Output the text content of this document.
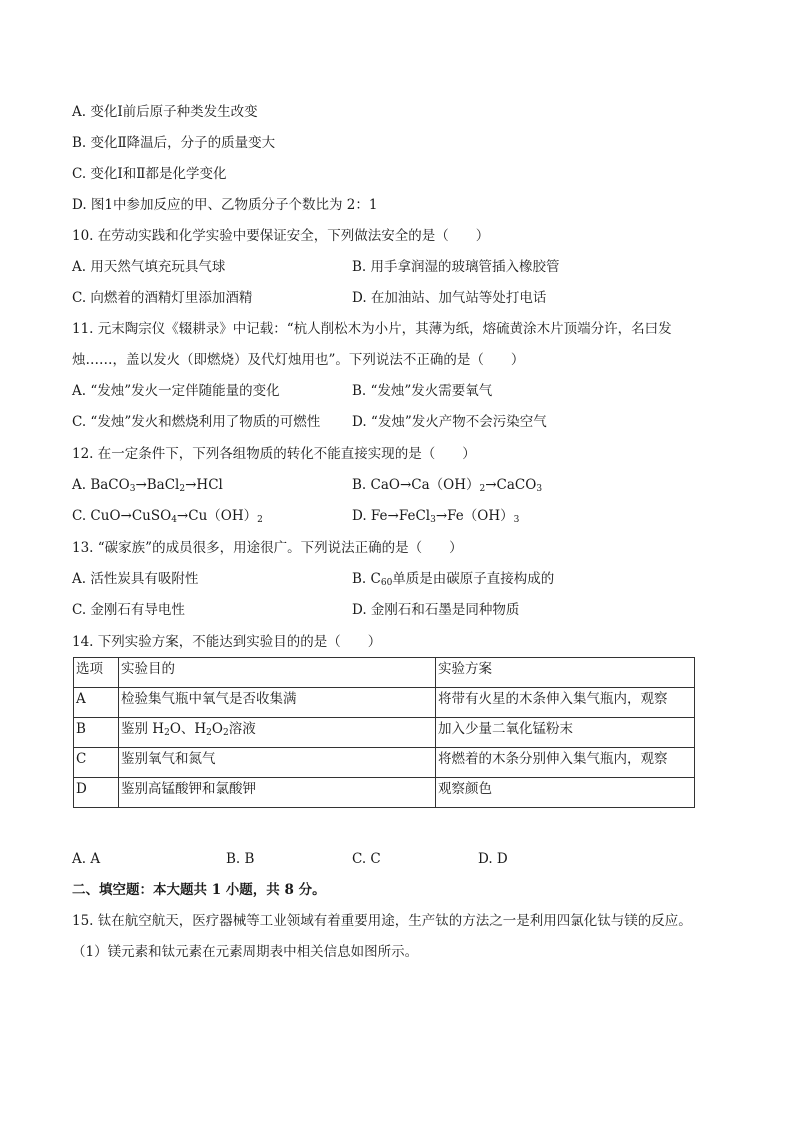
A. 变化Ⅰ前后原子种类发生改变
B. 变化Ⅱ降温后，分子的质量变大
C. 变化Ⅰ和Ⅱ都是化学变化
D. 图1中参加反应的甲、乙物质分子个数比为 2：1
10. 在劳动实践和化学实验中要保证安全，下列做法安全的是（　　）
A. 用天然气填充玩具气球	B. 用手拿润湿的玻璃管插入橡胶管
C. 向燃着的酒精灯里添加酒精	D. 在加油站、加气站等处打电话
11. 元末陶宗仪《辍耕录》中记载：“杭人削松木为小片，其薄为纸，熔硫黄涂木片顶端分许，名曰发
烛……，盖以发火（即燃烧）及代灯烛用也”。下列说法不正确的是（　　）
A. “发烛”发火一定伴随能量的变化	B. “发烛”发火需要氧气
C. “发烛”发火和燃烧利用了物质的可燃性 D. “发烛”发火产物不会污染空气
12. 在一定条件下，下列各组物质的转化不能直接实现的是（　　）
A. BaCO$_3$→BaCl$_2$→HCl	B. $CaO\to Ca(OH)_2\to CaCO_3$
C. $CuO\to CuSO_4\to Cu(OH)_2$	D. $Fe\to FeCl_3\to Fe(OH)_3$
13. “碳家族”的成员很多，用途很广。下列说法正确的是（　　）
A. 活性炭具有吸附性	B. $C_{60}$单质是由碳原子直接构成的
C. 金刚石有导电性	D. 金刚石和石墨是同种物质
14. 下列实验方案，不能达到实验目的的是（　　）
选项	实验目的	实验方案
A	检验集气瓶中氧气是否收集满	将带有火星的木条伸入集气瓶内，观察
B	鉴别 $H_2O$、$H_2O_2$溶液	加入少量二氧化锰粉末
C	鉴别氧气和氮气	将燃着的木条分别伸入集气瓶内，观察
D	鉴别高锰酸钾和氯酸钾	观察颜色
A. A	B. B	C. C	D. D
二、填空题：本大题共 1 小题，共 8 分。
15. 钛在航空航天，医疗器械等工业领域有着重要用途，生产钛的方法之一是利用四氯化钛与镁的反应。
（1）镁元素和钛元素在元素周期表中相关信息如图所示。
